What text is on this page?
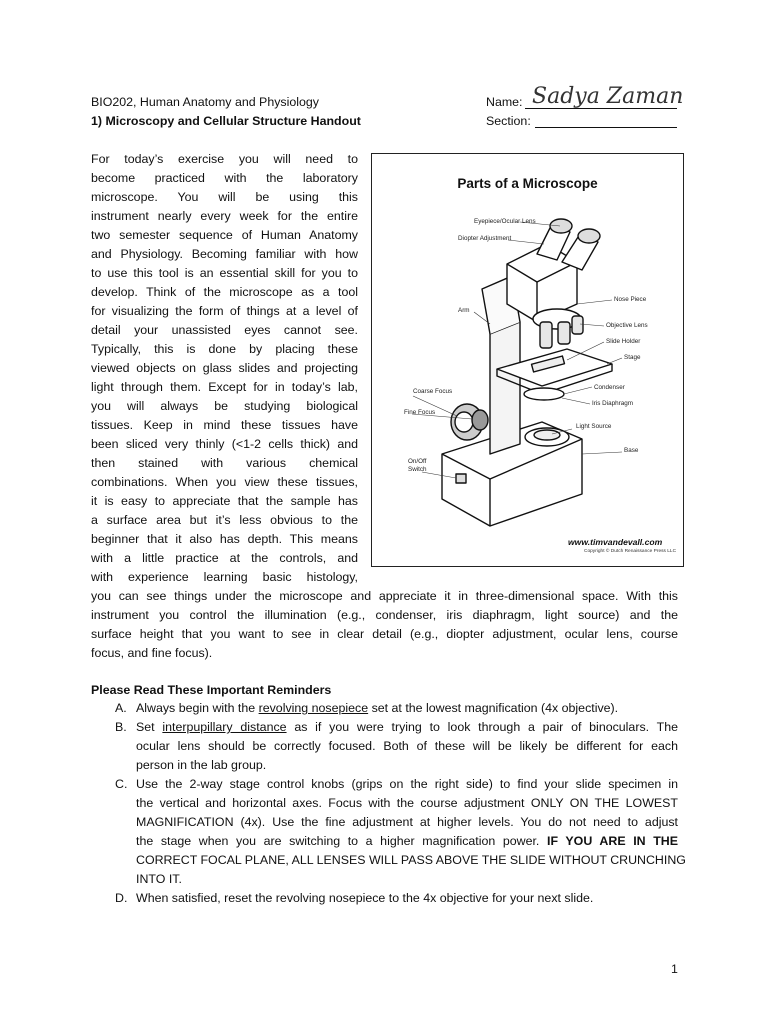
BIO202, Human Anatomy and Physiology
1) Microscopy and Cellular Structure Handout
Name: Sadya Zaman
Section:
For today’s exercise you will need to
become practiced with the laboratory
microscope. You will be using this
instrument nearly every week for the entire
two semester sequence of Human Anatomy
and Physiology. Becoming familiar with how
to use this tool is an essential skill for you to
develop. Think of the microscope as a tool
for visualizing the form of things at a level of
detail your unassisted eyes cannot see.
Typically, this is done by placing these
viewed objects on glass slides and projecting
light through them. Except for in today’s lab,
you will always be studying biological
tissues. Keep in mind these tissues have
been sliced very thinly (<1-2 cells thick) and
then stained with various chemical
combinations. When you view these tissues,
it is easy to appreciate that the sample has
a surface area but it’s less obvious to the
beginner that it also has depth. This means
with a little practice at the controls, and
with experience learning basic histology,
you can see things under the microscope and appreciate it in three-dimensional space. With this
instrument you control the illumination (e.g., condenser, iris diaphragm, light source) and the
surface height that you want to see in clear detail (e.g., diopter adjustment, ocular lens, course
focus, and fine focus).
Parts of a Microscope
Eyepiece/Ocular Lens
Diopter Adjustment
Arm
Nose Piece
Objective Lens
Slide Holder
Stage
Coarse Focus
Condenser
Iris Diaphragm
Fine Focus
Light Source
Base
On/Off
Switch
www.timvandevall.com
Copyright © Dutch Renaissance Press LLC
Please Read These Important Reminders
A. Always begin with the revolving nosepiece set at the lowest magnification (4x objective).
B. Set interpupillary distance as if you were trying to look through a pair of binoculars. The
ocular lens should be correctly focused. Both of these will be likely be different for each
person in the lab group.
C. Use the 2-way stage control knobs (grips on the right side) to find your slide specimen in
the vertical and horizontal axes. Focus with the course adjustment ONLY ON THE LOWEST
MAGNIFICATION (4x). Use the fine adjustment at higher levels. You do not need to adjust
the stage when you are switching to a higher magnification power. IF YOU ARE IN THE
CORRECT FOCAL PLANE, ALL LENSES WILL PASS ABOVE THE SLIDE WITHOUT CRUNCHING
INTO IT.
D. When satisfied, reset the revolving nosepiece to the 4x objective for your next slide.
1
